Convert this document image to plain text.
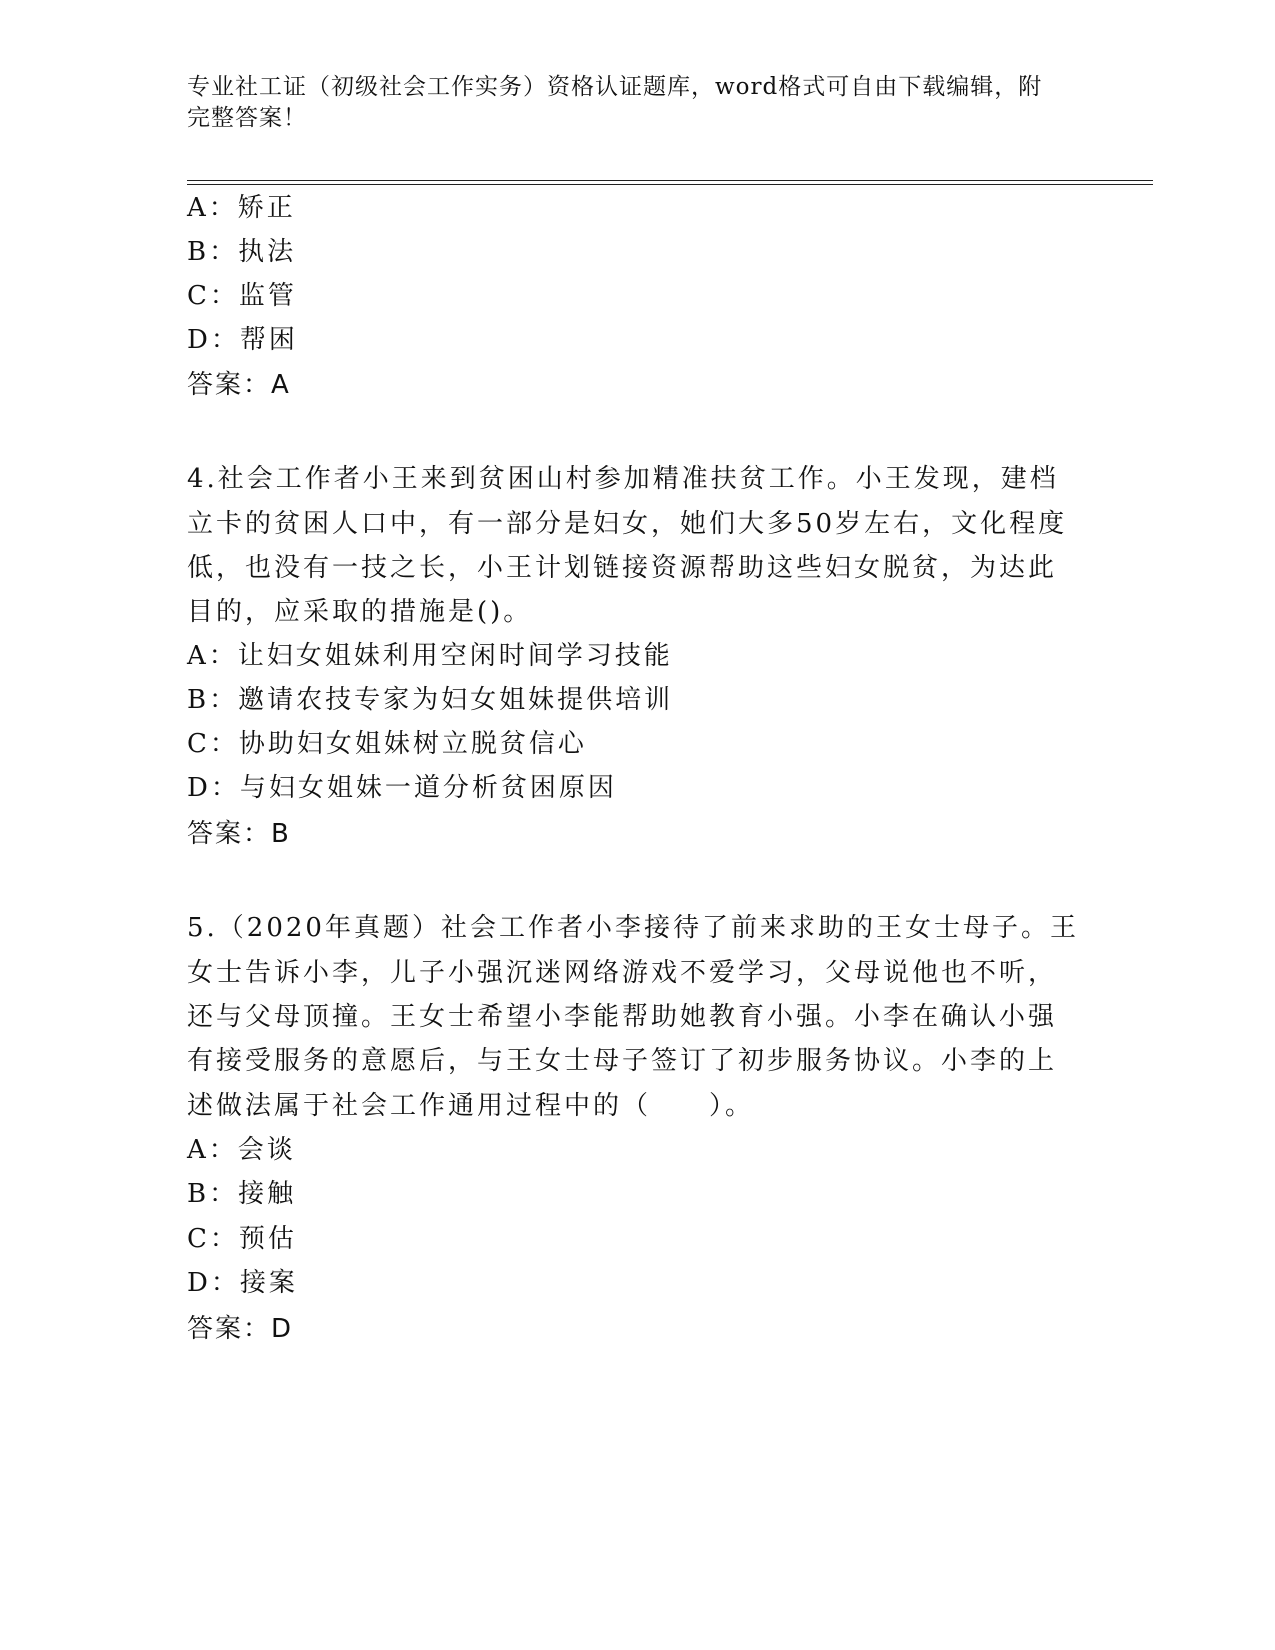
专业社工证（初级社会工作实务）资格认证题库，word格式可自由下载编辑，附
完整答案！
A：矫正
B：执法
C：监管
D：帮困
答案：A
4.社会工作者小王来到贫困山村参加精准扶贫工作。小王发现，建档
立卡的贫困人口中，有一部分是妇女，她们大多50岁左右，文化程度
低，也没有一技之长，小王计划链接资源帮助这些妇女脱贫，为达此
目的，应采取的措施是()。
A：让妇女姐妹利用空闲时间学习技能
B：邀请农技专家为妇女姐妹提供培训
C：协助妇女姐妹树立脱贫信心
D：与妇女姐妹一道分析贫困原因
答案：B
5.（2020年真题）社会工作者小李接待了前来求助的王女士母子。王
女士告诉小李，儿子小强沉迷网络游戏不爱学习，父母说他也不听，
还与父母顶撞。王女士希望小李能帮助她教育小强。小李在确认小强
有接受服务的意愿后，与王女士母子签订了初步服务协议。小李的上
述做法属于社会工作通用过程中的（　　）。
A：会谈
B：接触
C：预估
D：接案
答案：D
